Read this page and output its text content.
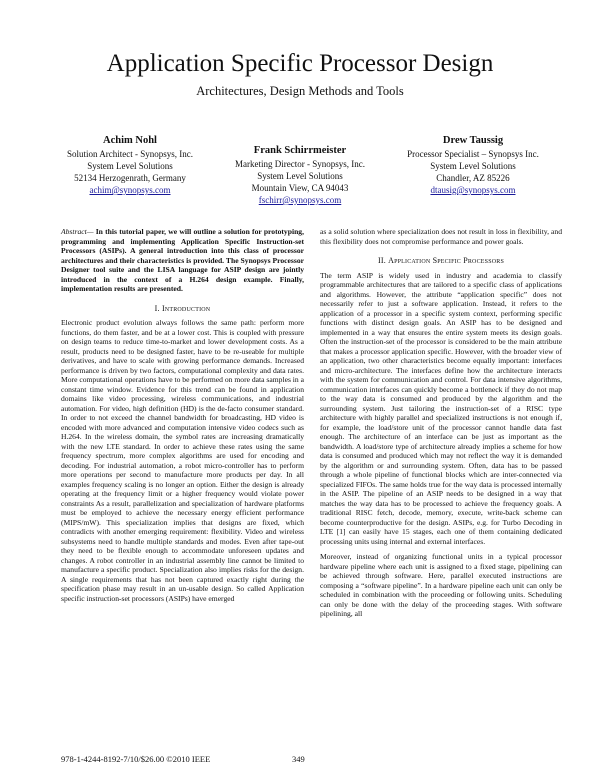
Application Specific Processor Design
Architectures, Design Methods and Tools
Achim Nohl
Solution Architect - Synopsys, Inc.
System Level Solutions
52134 Herzogenrath, Germany
achim@synopsys.com
Frank Schirrmeister
Marketing Director - Synopsys, Inc.
System Level Solutions
Mountain View, CA 94043
fschirr@synopsys.com
Drew Taussig
Processor Specialist – Synopsys Inc.
System Level Solutions
Chandler, AZ 85226
dtausig@synopsys.com

Abstract— In this tutorial paper, we will outline a solution for prototyping, programming and implementing Application Specific Instruction-set Processors (ASIPs). A general introduction into this class of processor architectures and their characteristics is provided. The Synopsys Processor Designer tool suite and the LISA language for ASIP design are jointly introduced in the context of a H.264 design example. Finally, implementation results are presented.

I. Introduction

Electronic product evolution always follows the same path: perform more functions, do them faster, and be at a lower cost. This is coupled with pressure on design teams to reduce time-to-market and lower development costs. As a result, products need to be designed faster, have to be re-useable for multiple derivatives, and have to scale with growing performance demands. Increased performance is driven by two factors, computational complexity and data rates. More computational operations have to be performed on more data samples in a constant time window. Evidence for this trend can be found in application domains like video processing, wireless communications, and industrial automation. For video, high definition (HD) is the de-facto consumer standard. In order to not exceed the channel bandwidth for broadcasting, HD video is encoded with more advanced and computation intensive video codecs such as H.264. In the wireless domain, the symbol rates are increasing dramatically with the new LTE standard. In order to achieve these rates using the same frequency spectrum, more complex algorithms are used for encoding and decoding. For industrial automation, a robot micro-controller has to perform more operations per second to manufacture more products per day. In all examples frequency scaling is no longer an option. Either the design is already operating at the frequency limit or a higher frequency would violate power constraints As a result, parallelization and specialization of hardware platforms must be employed to achieve the necessary energy efficient performance (MIPS/mW). This specialization implies that designs are fixed, which contradicts with another emerging requirement: flexibility. Video and wireless subsystems need to handle multiple standards and modes. Even after tape-out they need to be flexible enough to accommodate unforeseen updates and changes. A robot controller in an industrial assembly line cannot be limited to manufacture a specific product. Specialization also implies risks for the design. A single requirements that has not been captured exactly right during the specification phase may result in an un-usable design. So called Application specific instruction-set processors (ASIPs) have emerged

as a solid solution where specialization does not result in loss in flexibility, and this flexibility does not compromise performance and power goals.

II. Application Specific Processors

The term ASIP is widely used in industry and academia to classify programmable architectures that are tailored to a specific class of applications and algorithms. However, the attribute “application specific” does not necessarily refer to just a software application. Instead, it refers to the application of a processor in a specific system context, performing specific functions with distinct design goals. An ASIP has to be designed and implemented in a way that ensures the entire system meets its design goals. Often the instruction-set of the processor is considered to be the main attribute that makes a processor application specific. However, with the broader view of an application, two other characteristics become equally important: interfaces and micro-architecture. The interfaces define how the architecture interacts with the system for communication and control. For data intensive algorithms, communication interfaces can quickly become a bottleneck if they do not map to the way data is consumed and produced by the algorithm and the surrounding system. Just tailoring the instruction-set of a RISC type architecture with highly parallel and specialized instructions is not enough if, for example, the load/store unit of the processor cannot handle data fast enough. The architecture of an interface can be just as important as the bandwidth. A load/store type of architecture already implies a scheme for how data is consumed and produced which may not reflect the way it is demanded by the algorithm or and surrounding system. Often, data has to be passed through a whole pipeline of functional blocks which are inter-connected via specialized FIFOs. The same holds true for the way data is processed internally in the ASIP. The pipeline of an ASIP needs to be designed in a way that matches the way data has to be processed to achieve the frequency goals. A traditional RISC fetch, decode, memory, execute, write-back scheme can become counterproductive for the design. ASIPs, e.g. for Turbo Decoding in LTE [1] can easily have 15 stages, each one of them containing dedicated processing units using internal and external interfaces.

Moreover, instead of organizing functional units in a typical processor hardware pipeline where each unit is assigned to a fixed stage, pipelining can be achieved through software. Here, parallel executed instructions are composing a “software pipeline”. In a hardware pipeline each unit can only be scheduled in combination with the proceeding or following units. Scheduling can only be done with the delay of the proceeding stages. With software pipelining, all

978-1-4244-8192-7/10/$26.00 ©2010 IEEE	349
